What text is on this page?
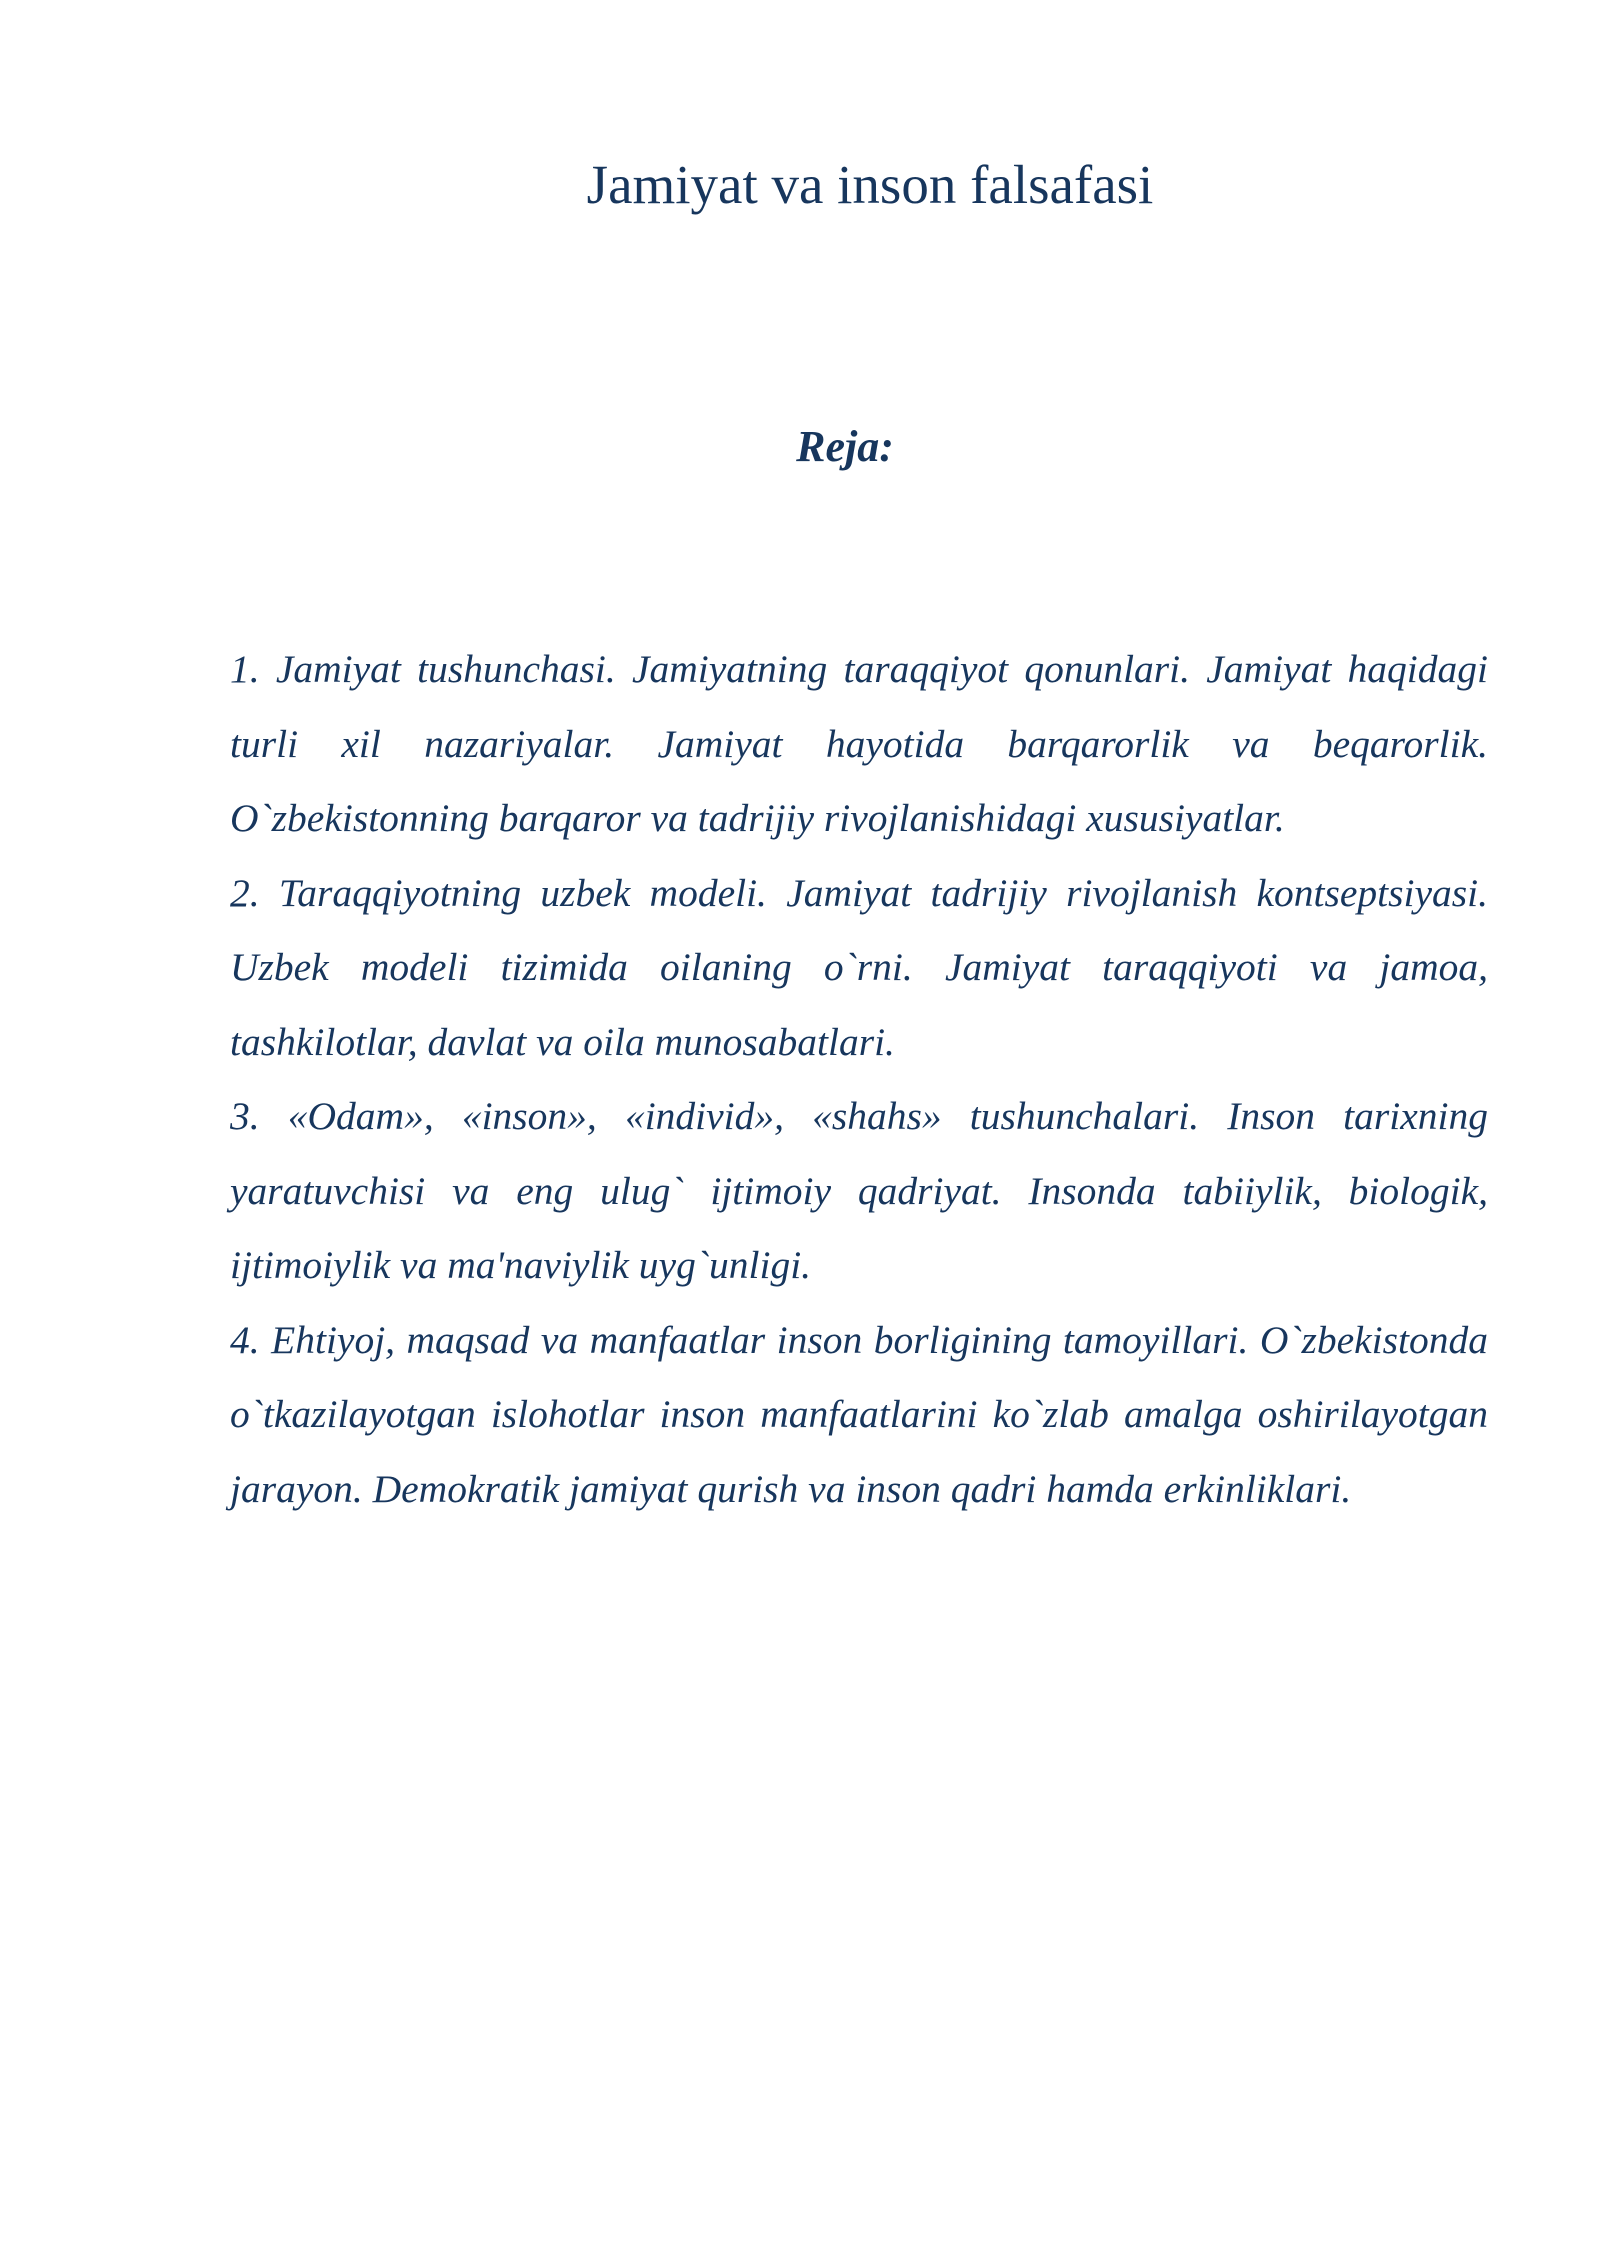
Jamiyat va inson falsafasi
Reja:
1. Jamiyat tushunchasi. Jamiyatning taraqqiyot qonunlari. Jamiyat haqidagi turli xil nazariyalar. Jamiyat hayotida barqarorlik va beqarorlik. O`zbekistonning barqaror va tadrijiy rivojlanishidagi xususiyatlar.
2. Taraqqiyotning uzbek modeli. Jamiyat tadrijiy rivojlanish kontseptsiyasi. Uzbek modeli tizimida oilaning o`rni. Jamiyat taraqqiyoti va jamoa, tashkilotlar, davlat va oila munosabatlari.
3. «Odam», «inson», «individ», «shahs» tushunchalari. Inson tarixning yaratuvchisi va eng ulug` ijtimoiy qadriyat. Insonda tabiiylik, biologik, ijtimoiylik va ma'naviylik uyg`unligi.
4. Ehtiyoj, maqsad va manfaatlar inson borligining tamoyillari. O`zbekistonda o`tkazilayotgan islohotlar inson manfaatlarini ko`zlab amalga oshirilayotgan jarayon. Demokratik jamiyat qurish va inson qadri hamda erkinliklari.
